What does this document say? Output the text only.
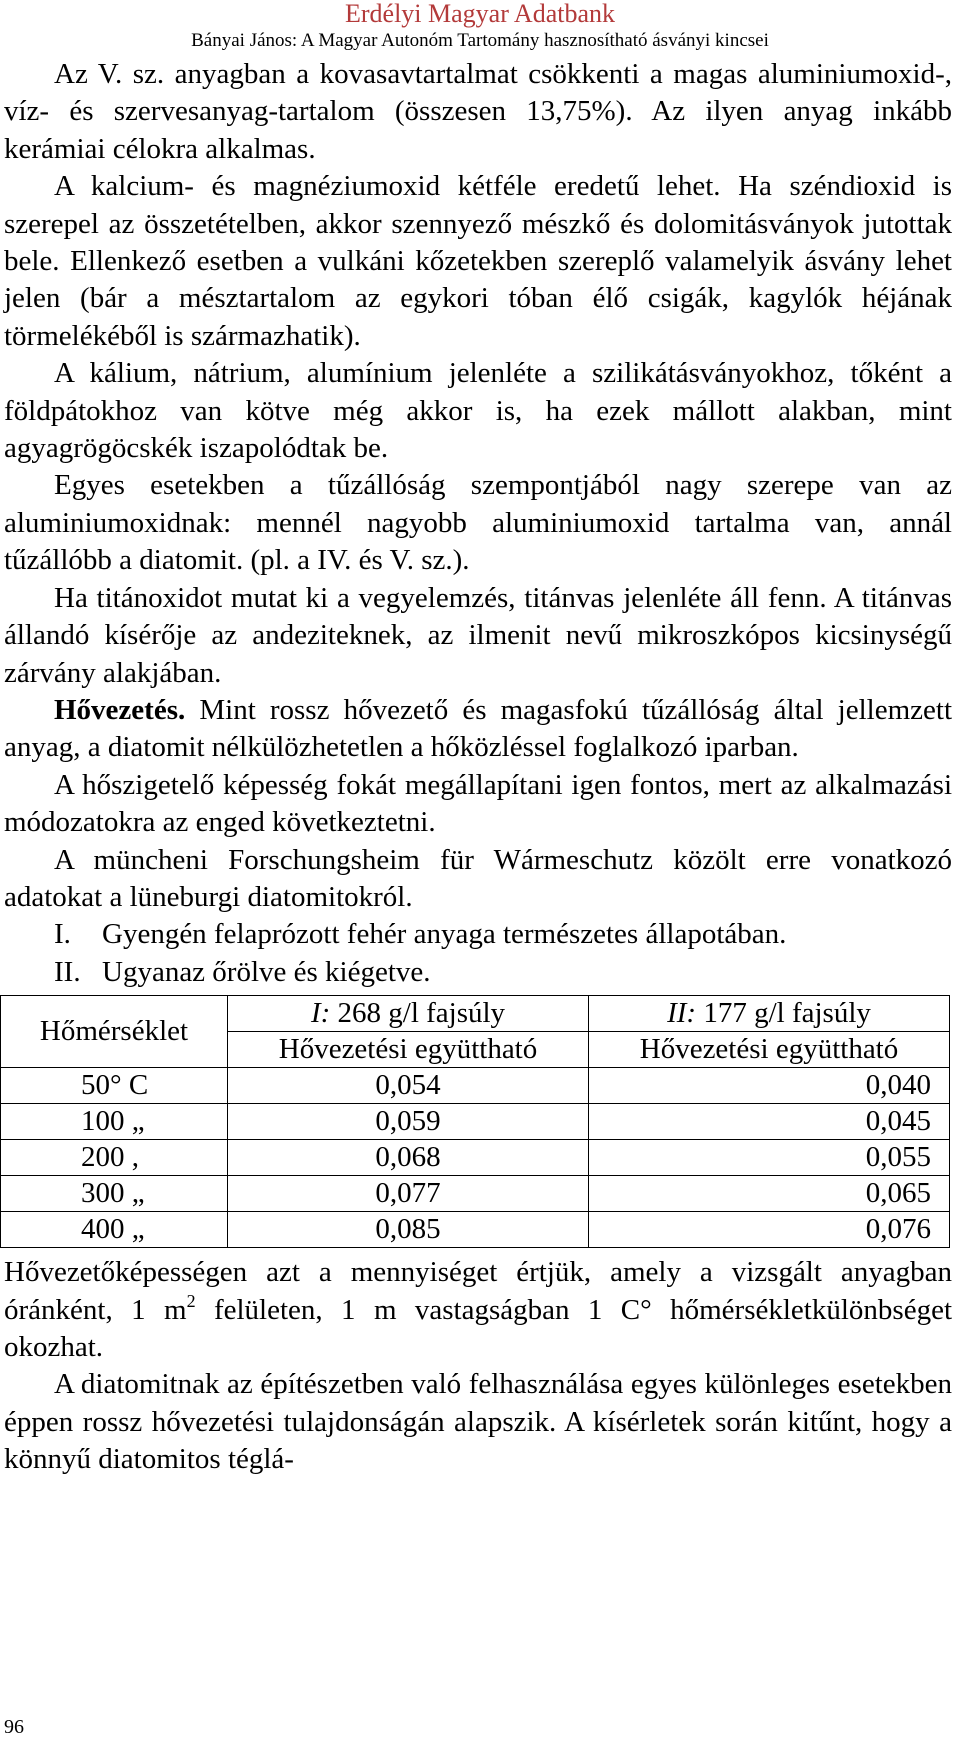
Erdélyi Magyar Adatbank
Bányai János: A Magyar Autonóm Tartomány hasznosítható ásványi kincsei

Az V. sz. anyagban a kovasavtartalmat csökkenti a magas aluminiumoxid-, víz- és szervesanyag-tartalom (összesen 13,75%). Az ilyen anyag inkább kerámiai célokra alkalmas.

A kalcium- és magnéziumoxid kétféle eredetű lehet. Ha széndioxid is szerepel az összetételben, akkor szennyező mészkő és dolomitásványok jutottak bele. Ellenkező esetben a vulkáni kőzetekben szereplő valamelyik ásvány lehet jelen (bár a mésztartalom az egykori tóban élő csigák, kagylók héjának törmelékéből is származhatik).

A kálium, nátrium, alumínium jelenléte a szilikátásványokhoz, tőként a földpátokhoz van kötve még akkor is, ha ezek mállott alakban, mint agyagrögöcskék iszapolódtak be.

Egyes esetekben a tűzállóság szempontjából nagy szerepe van az aluminiumoxidnak: mennél nagyobb aluminiumoxid tartalma van, annál tűzállóbb a diatomit. (pl. a IV. és V. sz.).

Ha titánoxidot mutat ki a vegyelemzés, titánvas jelenléte áll fenn. A titánvas állandó kísérője az andeziteknek, az ilmenit nevű mikroszkópos kicsinységű zárvány alakjában.

Hővezetés. Mint rossz hővezető és magasfokú tűzállóság által jellemzett anyag, a diatomit nélkülözhetetlen a hőközléssel foglalkozó iparban.

A hőszigetelő képesség fokát megállapítani igen fontos, mert az alkalmazási módozatokra az enged következtetni.

A müncheni Forschungsheim für Wármeschutz közölt erre vonatkozó adatokat a lüneburgi diatomitokról.

I.	Gyengén felaprózott fehér anyaga természetes állapotában.
II. Ugyanaz őrölve és kiégetve.
Hőmérséklet	I: 268 g/l fajsúly	II: 177 g/l fajsúly
	Hővezetési együttható	Hővezetési együttható
50° C	0,054	0,040
100 „	0,059	0,045
200 ,	0,068	0,055
300 „	0,077	0,065
400 „	0,085	0,076

Hővezetőképességen azt a mennyiséget értjük, amely a vizsgált anyagban óránként, 1 $m^2$ felületen, 1 m vastagságban 1 C° hőmérsékletkülönbséget okozhat.

A diatomitnak az építészetben való felhasználása egyes különleges esetekben éppen rossz hővezetési tulajdonságán alapszik. A kísérletek során kitűnt, hogy a könnyű diatomitos téglá-

96
